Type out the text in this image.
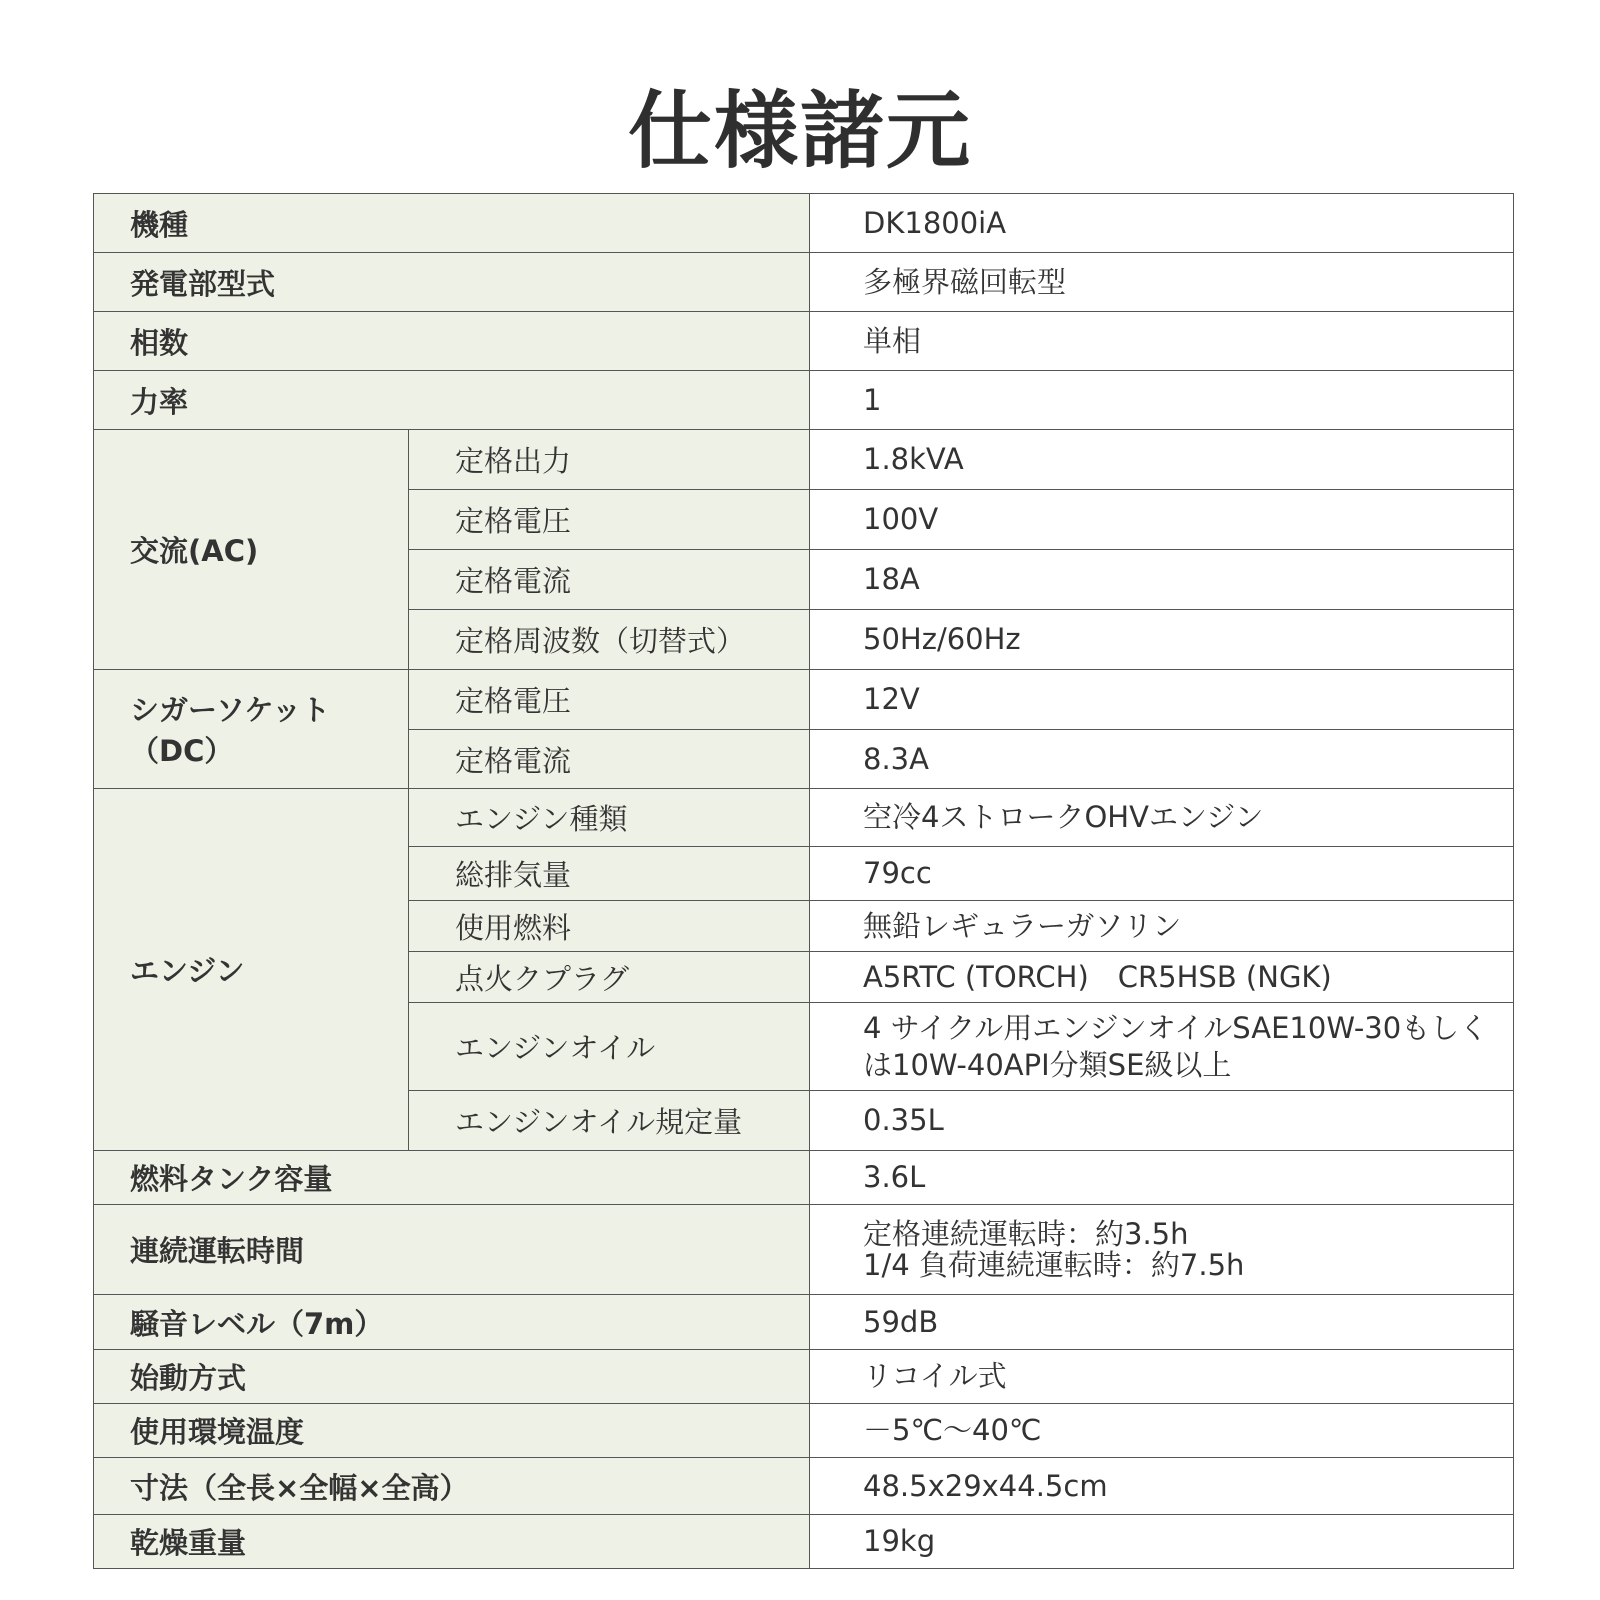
仕様諸元
機種		DK1800iA
発電部型式		多極界磁回転型
相数		単相
力率		1
交流(AC)	定格出力	1.8kVA
	定格電圧	100V
	定格電流	18A
	定格周波数（切替式）	50Hz/60Hz
シガーソケット（DC）	定格電圧	12V
	定格電流	8.3A
エンジン	エンジン種類	空冷4ストロークOHVエンジン
	総排気量	79cc
	使用燃料	無鉛レギュラーガソリン
	点火クプラグ	A5RTC (TORCH)　CR5HSB (NGK)
	エンジンオイル	4 サイクル用エンジンオイルSAE10W-30もしく
は10W-40API分類SE級以上

	エンジンオイル規定量	0.35L
燃料タンク容量		3.6L
連続運転時間		定格連続運転時：約3.5h
1/4 負荷連続運転時：約7.5h

騒音レベル（7m）		59dB
始動方式		リコイル式
使用環境温度		－5℃～40℃
寸法（全長×全幅×全高）		48.5x29x44.5cm
乾燥重量		19kg
